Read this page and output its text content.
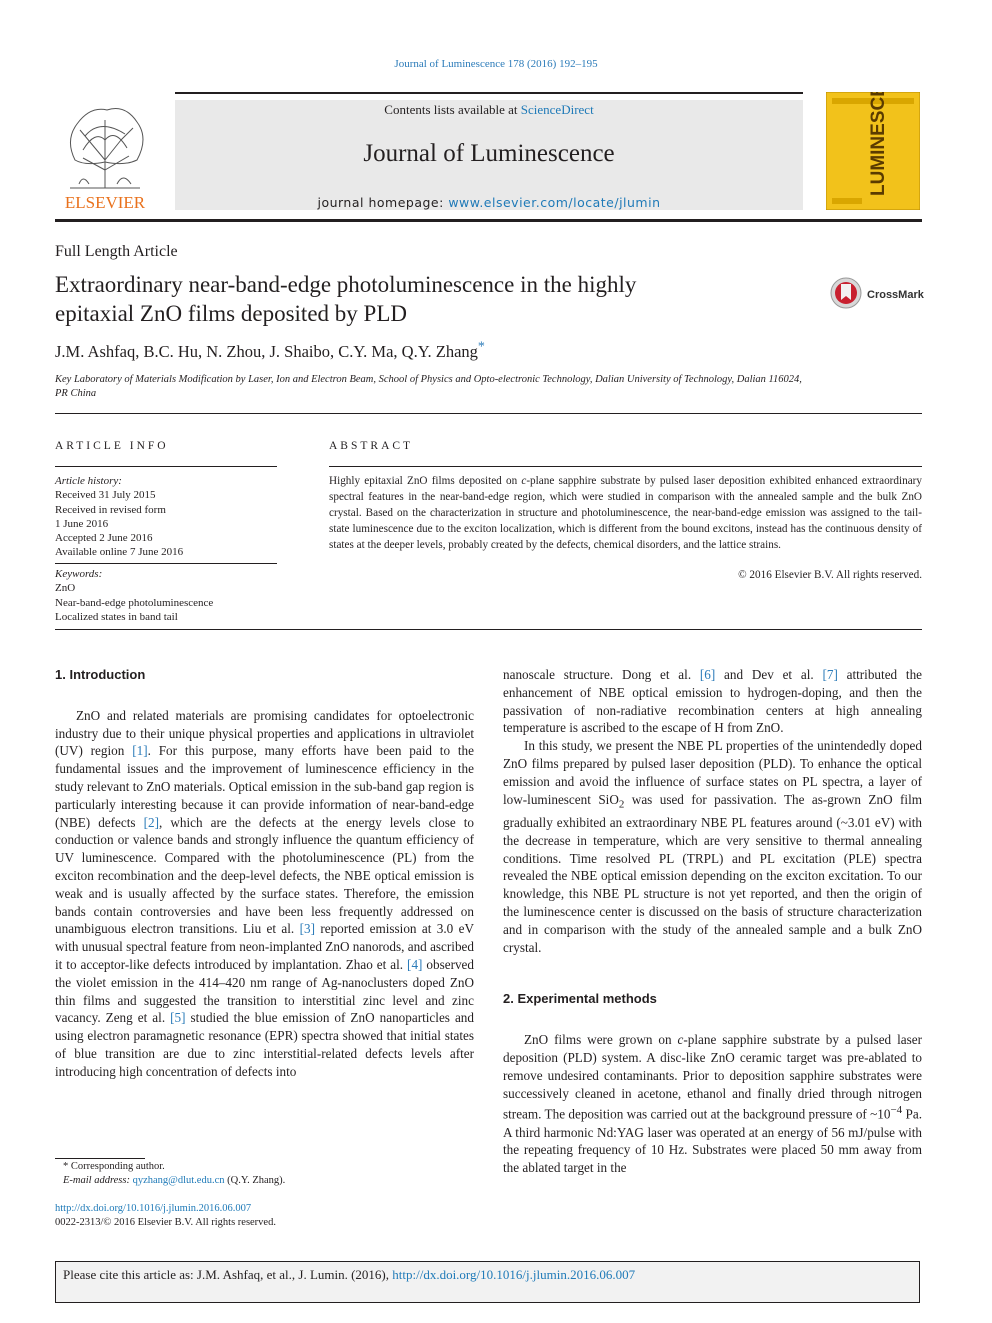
Journal of Luminescence 178 (2016) 192–195
ELSEVIER
Contents lists available at ScienceDirect
Journal of Luminescence
journal homepage: www.elsevier.com/locate/jlumin
LUMINESCENCE
Full Length Article
Extraordinary near-band-edge photoluminescence in the highly
epitaxial ZnO films deposited by PLD
CrossMark
J.M. Ashfaq, B.C. Hu, N. Zhou, J. Shaibo, C.Y. Ma, Q.Y. Zhang*
Key Laboratory of Materials Modification by Laser, Ion and Electron Beam, School of Physics and Opto-electronic Technology, Dalian University of Technology, Dalian 116024,
PR China
ARTICLE INFO	ABSTRACT
Article history:
Received 31 July 2015
Received in revised form
1 June 2016
Accepted 2 June 2016
Available online 7 June 2016
Keywords:
ZnO
Near-band-edge photoluminescence
Localized states in band tail
Highly epitaxial ZnO films deposited on c-plane sapphire substrate by pulsed laser deposition exhibited enhanced extraordinary spectral features in the near-band-edge region, which were studied in comparison with the annealed sample and the bulk ZnO crystal. Based on the characterization in structure and photoluminescence, the near-band-edge emission was assigned to the tail-state luminescence due to the exciton localization, which is different from the bound excitons, instead has the continuous density of states at the deeper levels, probably created by the defects, chemical disorders, and the lattice strains.
© 2016 Elsevier B.V. All rights reserved.
1. Introduction

ZnO and related materials are promising candidates for optoelectronic industry due to their unique physical properties and applications in ultraviolet (UV) region [1]. For this purpose, many efforts have been paid to the fundamental issues and the improvement of luminescence efficiency in the study relevant to ZnO materials. Optical emission in the sub-band gap region is particularly interesting because it can provide information of near-band-edge (NBE) defects [2], which are the defects at the energy levels close to conduction or valence bands and strongly influence the quantum efficiency of UV luminescence. Compared with the photoluminescence (PL) from the exciton recombination and the deep-level defects, the NBE optical emission is weak and is usually affected by the surface states. Therefore, the emission bands contain controversies and have been less frequently addressed on unambiguous electron transitions. Liu et al. [3] reported emission at 3.0 eV with unusual spectral feature from neon-implanted ZnO nanorods, and ascribed it to acceptor-like defects introduced by implantation. Zhao et al. [4] observed the violet emission in the 414–420 nm range of Ag-nanoclusters doped ZnO thin films and suggested the transition to interstitial zinc level and zinc vacancy. Zeng et al. [5] studied the blue emission of ZnO nanoparticles and using electron paramagnetic resonance (EPR) spectra showed that initial states of blue transition are due to zinc interstitial-related defects levels after introducing high concentration of defects into

nanoscale structure. Dong et al. [6] and Dev et al. [7] attributed the enhancement of NBE optical emission to hydrogen-doping, and then the passivation of non-radiative recombination centers at high annealing temperature is ascribed to the escape of H from ZnO.

In this study, we present the NBE PL properties of the unintendedly doped ZnO films prepared by pulsed laser deposition (PLD). To enhance the optical emission and avoid the influence of surface states on PL spectra, a layer of low-luminescent SiO$_2$ was used for passivation. The as-grown ZnO film gradually exhibited an extraordinary NBE PL features around (~3.01 eV) with the decrease in temperature, which are very sensitive to thermal annealing conditions. Time resolved PL (TRPL) and PL excitation (PLE) spectra revealed the NBE optical emission depending on the exciton excitation. To our knowledge, this NBE PL structure is not yet reported, and then the origin of the luminescence center is discussed on the basis of structure characterization and in comparison with the study of the annealed sample and a bulk ZnO crystal.

2. Experimental methods

ZnO films were grown on c-plane sapphire substrate by a pulsed laser deposition (PLD) system. A disc-like ZnO ceramic target was pre-ablated to remove undesired contaminants. Prior to deposition sapphire substrates were successively cleaned in acetone, ethanol and finally dried through nitrogen stream. The deposition was carried out at the background pressure of $\sim 10^{-4}$ Pa. A third harmonic Nd:YAG laser was operated at an energy of 56 mJ/pulse with the repeating frequency of 10 Hz. Substrates were placed 50 mm away from the ablated target in the

* Corresponding author.
E-mail address: qyzhang@dlut.edu.cn (Q.Y. Zhang).
http://dx.doi.org/10.1016/j.jlumin.2016.06.007
0022-2313/© 2016 Elsevier B.V. All rights reserved.
Please cite this article as: J.M. Ashfaq, et al., J. Lumin. (2016), http://dx.doi.org/10.1016/j.jlumin.2016.06.007
